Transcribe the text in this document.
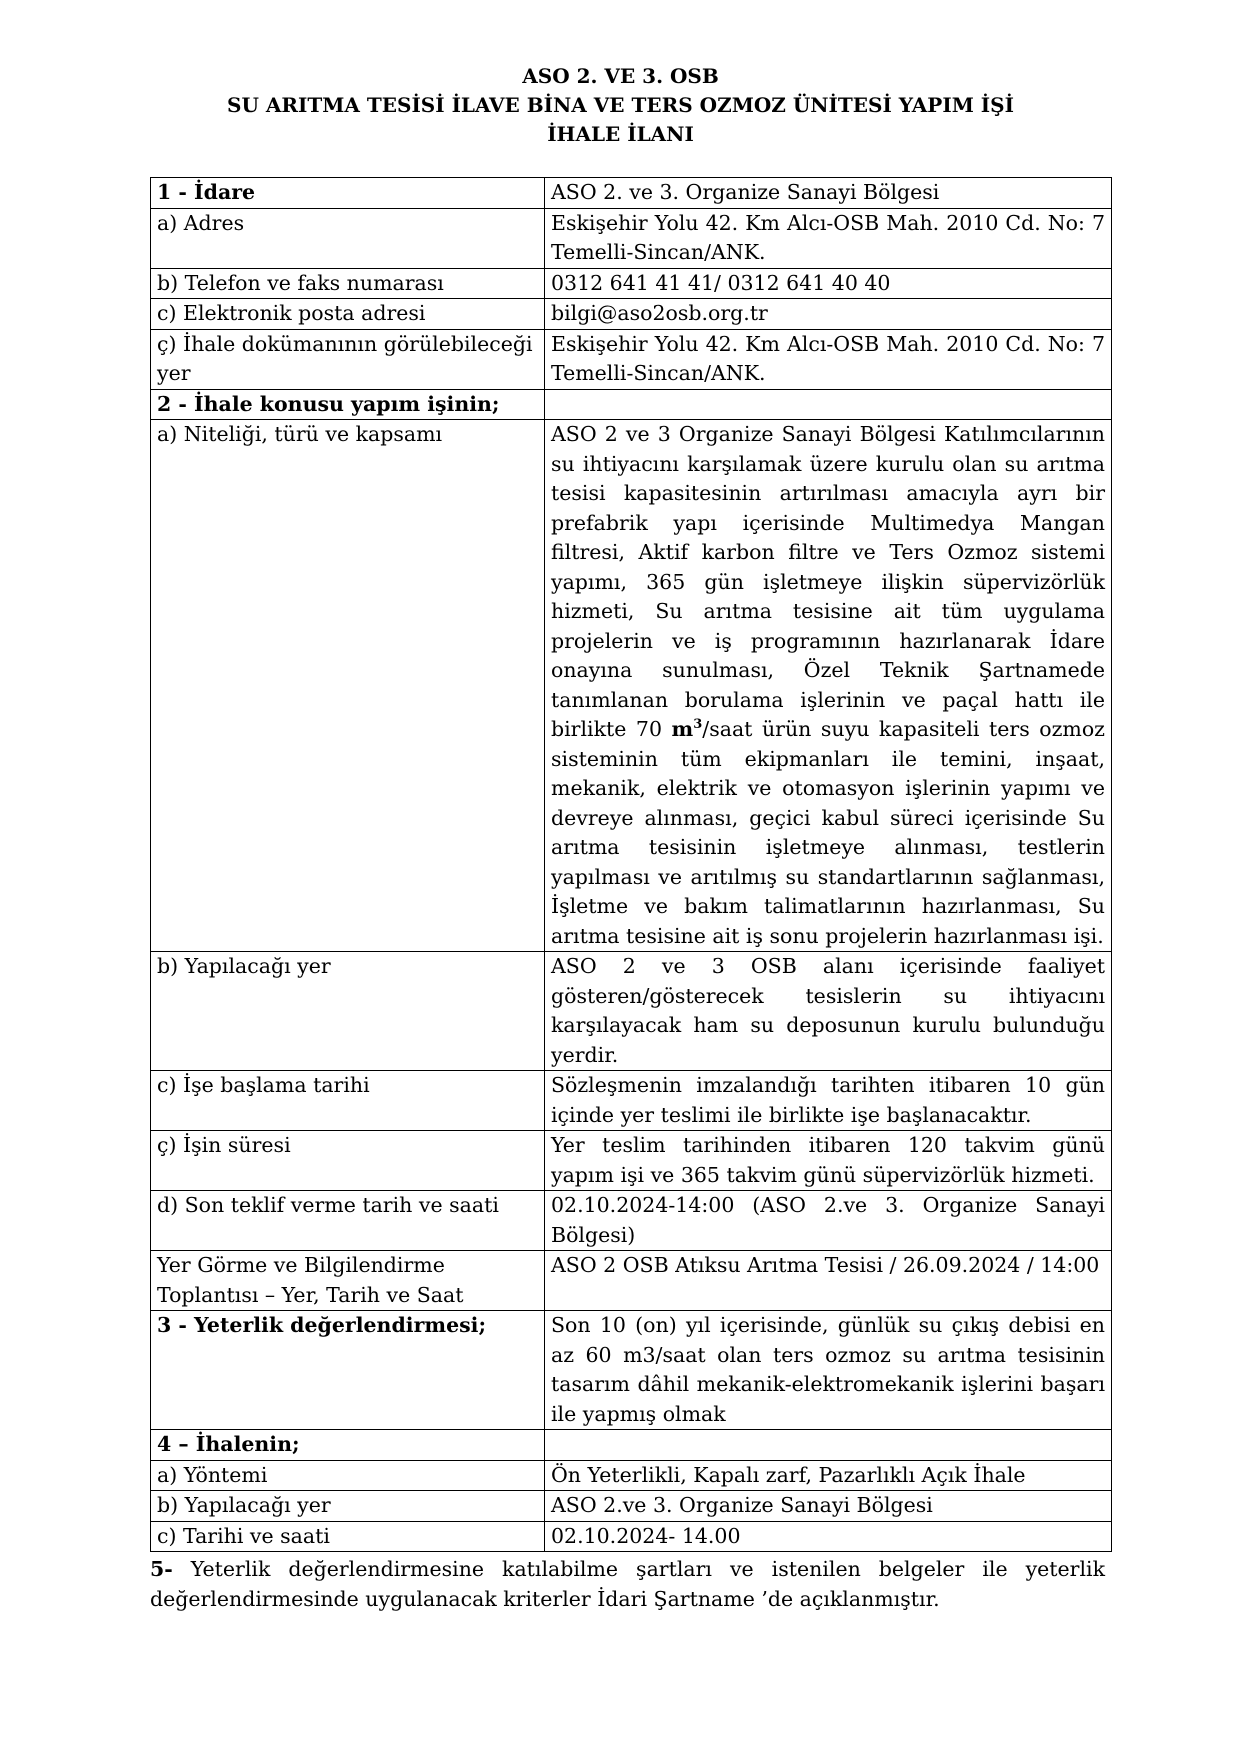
ASO 2. VE 3. OSB
SU ARITMA TESİSİ İLAVE BİNA VE TERS OZMOZ ÜNİTESİ YAPIM İŞİ
İHALE İLANI
1 - İdare	ASO 2. ve 3. Organize Sanayi Bölgesi
a) Adres	Eskişehir Yolu 42. Km Alcı-OSB Mah. 2010 Cd. No: 7 Temelli-Sincan/ANK.
b) Telefon ve faks numarası	0312 641 41 41/ 0312 641 40 40
c) Elektronik posta adresi	bilgi@aso2osb.org.tr
ç) İhale dokümanının görülebileceği yer	Eskişehir Yolu 42. Km Alcı-OSB Mah. 2010 Cd. No: 7 Temelli-Sincan/ANK.
2 - İhale konusu yapım işinin;	
a) Niteliği, türü ve kapsamı	ASO 2 ve 3 Organize Sanayi Bölgesi Katılımcılarının su ihtiyacını karşılamak üzere kurulu olan su arıtma tesisi kapasitesinin artırılması amacıyla ayrı bir prefabrik yapı içerisinde Multimedya Mangan filtresi, Aktif karbon filtre ve Ters Ozmoz sistemi yapımı, 365 gün işletmeye ilişkin süpervizörlük hizmeti, Su arıtma tesisine ait tüm uygulama projelerin ve iş programının hazırlanarak İdare onayına sunulması, Özel Teknik Şartnamede tanımlanan borulama işlerinin ve paçal hattı ile birlikte 70 $m^3$/saat ürün suyu kapasiteli ters ozmoz sisteminin tüm ekipmanları ile temini, inşaat, mekanik, elektrik ve otomasyon işlerinin yapımı ve devreye alınması, geçici kabul süreci içerisinde Su arıtma tesisinin işletmeye alınması, testlerin yapılması ve arıtılmış su standartlarının sağlanması, İşletme ve bakım talimatlarının hazırlanması, Su arıtma tesisine ait iş sonu projelerin hazırlanması işi.
b) Yapılacağı yer	ASO 2 ve 3 OSB alanı içerisinde faaliyet gösteren/gösterecek tesislerin su ihtiyacını karşılayacak ham su deposunun kurulu bulunduğu yerdir.
c) İşe başlama tarihi	Sözleşmenin imzalandığı tarihten itibaren 10 gün içinde yer teslimi ile birlikte işe başlanacaktır.
ç) İşin süresi	Yer teslim tarihinden itibaren 120 takvim günü yapım işi ve 365 takvim günü süpervizörlük hizmeti.
d) Son teklif verme tarih ve saati	02.10.2024-14:00 (ASO 2.ve 3. Organize Sanayi Bölgesi)
Yer Görme ve Bilgilendirme Toplantısı – Yer, Tarih ve Saat	ASO 2 OSB Atıksu Arıtma Tesisi / 26.09.2024 / 14:00
3 - Yeterlik değerlendirmesi;	Son 10 (on) yıl içerisinde, günlük su çıkış debisi en az 60 m3/saat olan ters ozmoz su arıtma tesisinin tasarım dâhil mekanik-elektromekanik işlerini başarı ile yapmış olmak
4 – İhalenin;	
a) Yöntemi	Ön Yeterlikli, Kapalı zarf, Pazarlıklı Açık İhale
b) Yapılacağı yer	ASO 2.ve 3. Organize Sanayi Bölgesi
c) Tarihi ve saati	02.10.2024- 14.00
5- Yeterlik değerlendirmesine katılabilme şartları ve istenilen belgeler ile yeterlik değerlendirmesinde uygulanacak kriterler İdari Şartname ’de açıklanmıştır.
